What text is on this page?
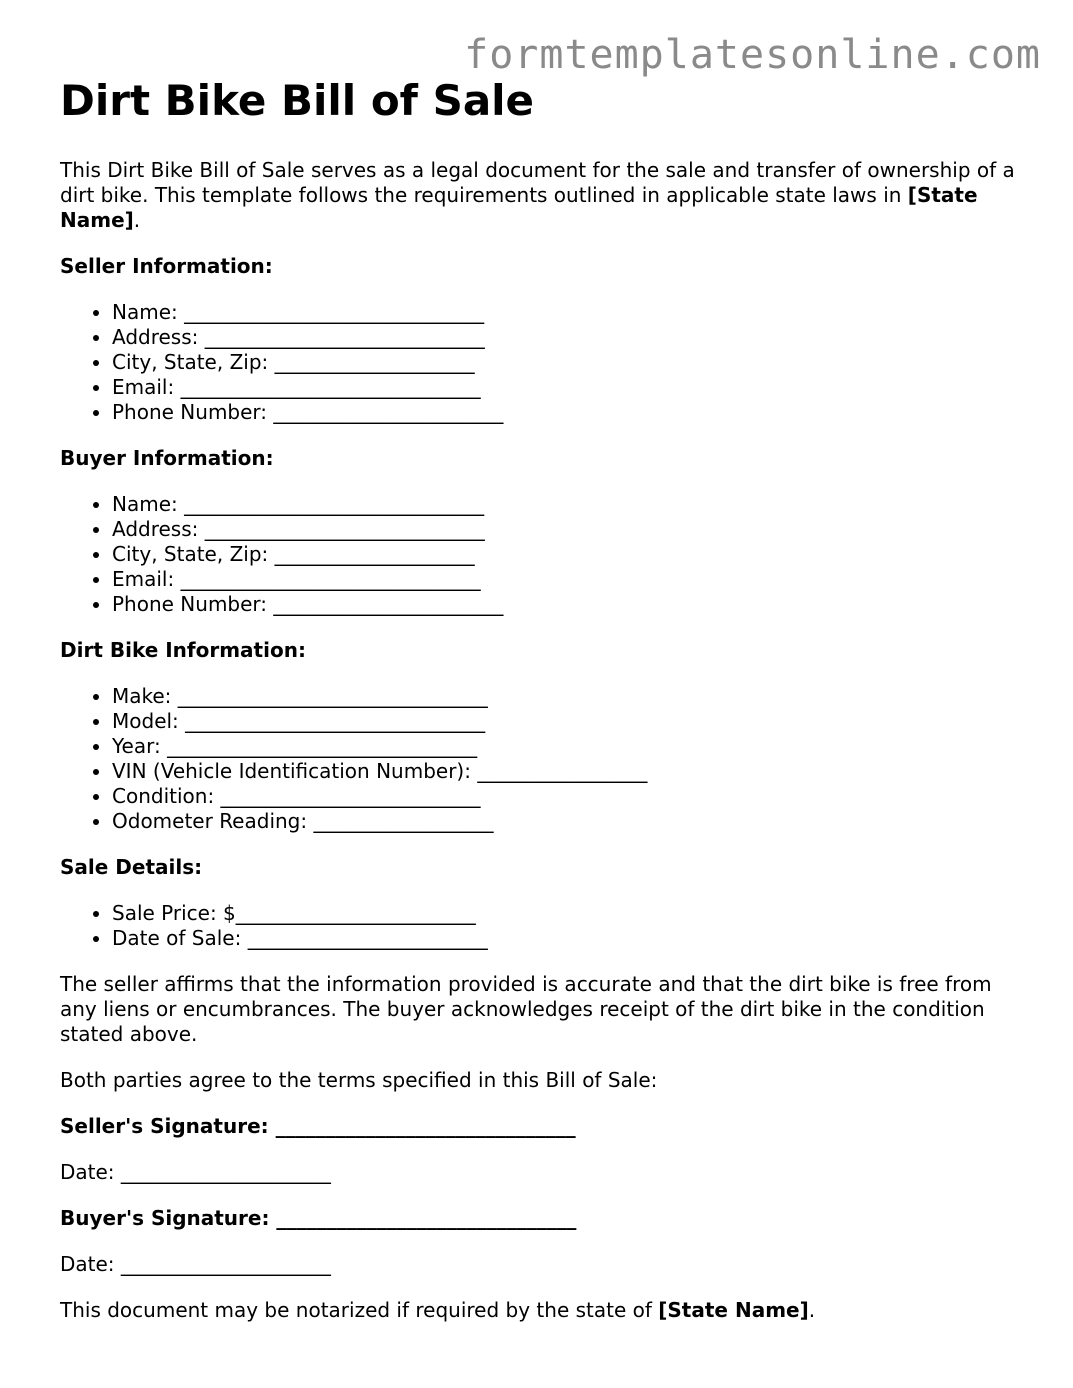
formtemplatesonline.com
Dirt Bike Bill of Sale

This Dirt Bike Bill of Sale serves as a legal document for the sale and transfer of ownership of a dirt bike. This template follows the requirements outlined in applicable state laws in [State Name].

Seller Information:

• Name: ______________________________
• Address: ____________________________
• City, State, Zip: ____________________
• Email: ______________________________
• Phone Number: _______________________

Buyer Information:

• Name: ______________________________
• Address: ____________________________
• City, State, Zip: ____________________
• Email: ______________________________
• Phone Number: _______________________

Dirt Bike Information:

• Make: _______________________________
• Model: ______________________________
• Year: _______________________________
• VIN (Vehicle Identification Number): _________________
• Condition: __________________________
• Odometer Reading: __________________

Sale Details:

• Sale Price: $________________________
• Date of Sale: ________________________

The seller affirms that the information provided is accurate and that the dirt bike is free from any liens or encumbrances. The buyer acknowledges receipt of the dirt bike in the condition stated above.

Both parties agree to the terms specified in this Bill of Sale:

Seller's Signature: ______________________________

Date: _____________________

Buyer's Signature: ______________________________

Date: _____________________

This document may be notarized if required by the state of [State Name].
